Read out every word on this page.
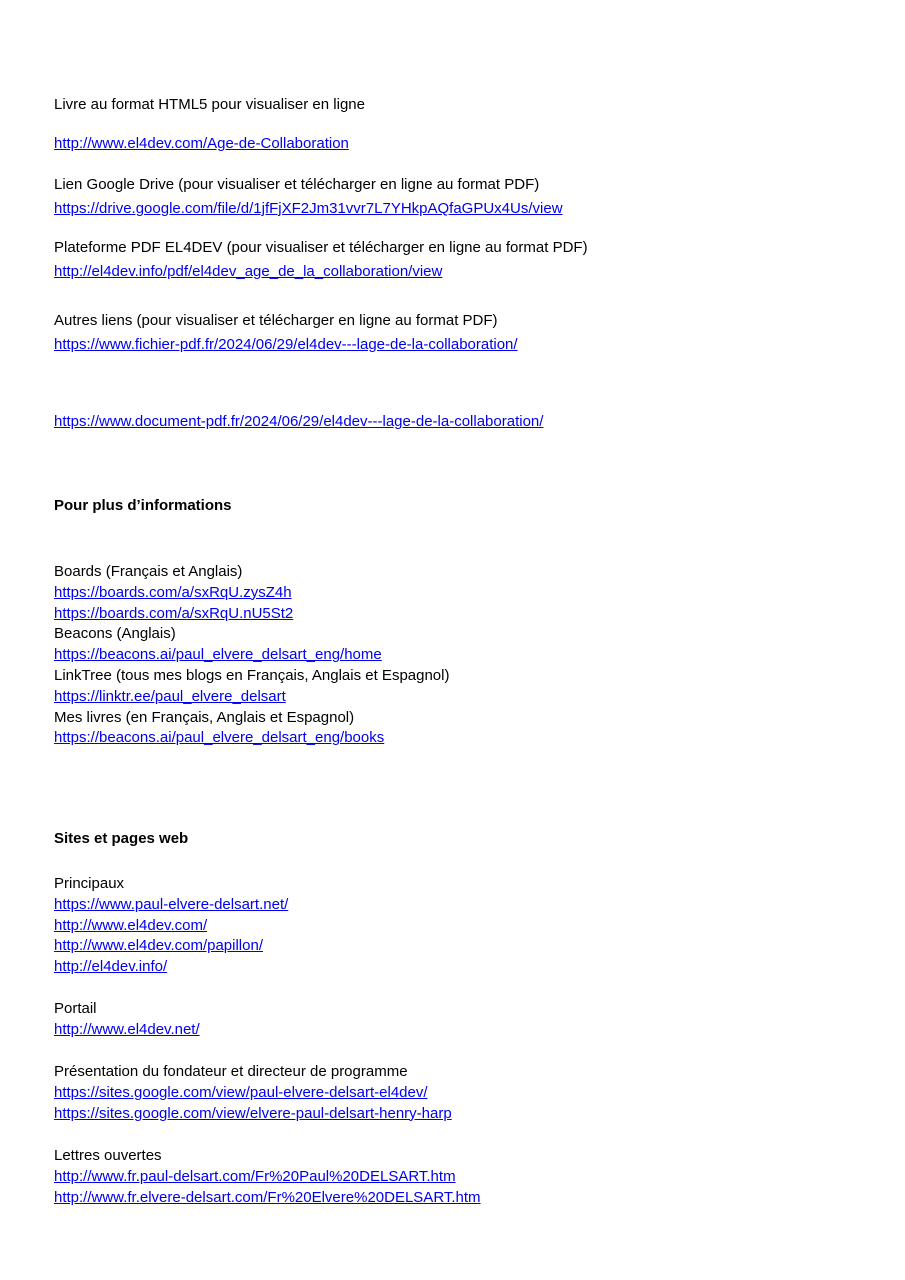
Livre au format HTML5 pour visualiser en ligne
http://www.el4dev.com/Age-de-Collaboration
Lien Google Drive (pour visualiser et télécharger en ligne au format PDF)
https://drive.google.com/file/d/1jfFjXF2Jm31vvr7L7YHkpAQfaGPUx4Us/view
Plateforme PDF EL4DEV (pour visualiser et télécharger en ligne au format PDF)
http://el4dev.info/pdf/el4dev_age_de_la_collaboration/view
Autres liens (pour visualiser et télécharger en ligne au format PDF)
https://www.fichier-pdf.fr/2024/06/29/el4dev---lage-de-la-collaboration/
https://www.document-pdf.fr/2024/06/29/el4dev---lage-de-la-collaboration/
Pour plus d’informations
Boards (Français et Anglais)
https://boards.com/a/sxRqU.zysZ4h
https://boards.com/a/sxRqU.nU5St2
Beacons (Anglais)
https://beacons.ai/paul_elvere_delsart_eng/home
LinkTree (tous mes blogs en Français, Anglais et Espagnol)
https://linktr.ee/paul_elvere_delsart
Mes livres (en Français, Anglais et Espagnol)
https://beacons.ai/paul_elvere_delsart_eng/books
Sites et pages web
Principaux
https://www.paul-elvere-delsart.net/
http://www.el4dev.com/
http://www.el4dev.com/papillon/
http://el4dev.info/
Portail
http://www.el4dev.net/
Présentation du fondateur et directeur de programme
https://sites.google.com/view/paul-elvere-delsart-el4dev/
https://sites.google.com/view/elvere-paul-delsart-henry-harp
Lettres ouvertes
http://www.fr.paul-delsart.com/Fr%20Paul%20DELSART.htm
http://www.fr.elvere-delsart.com/Fr%20Elvere%20DELSART.htm
